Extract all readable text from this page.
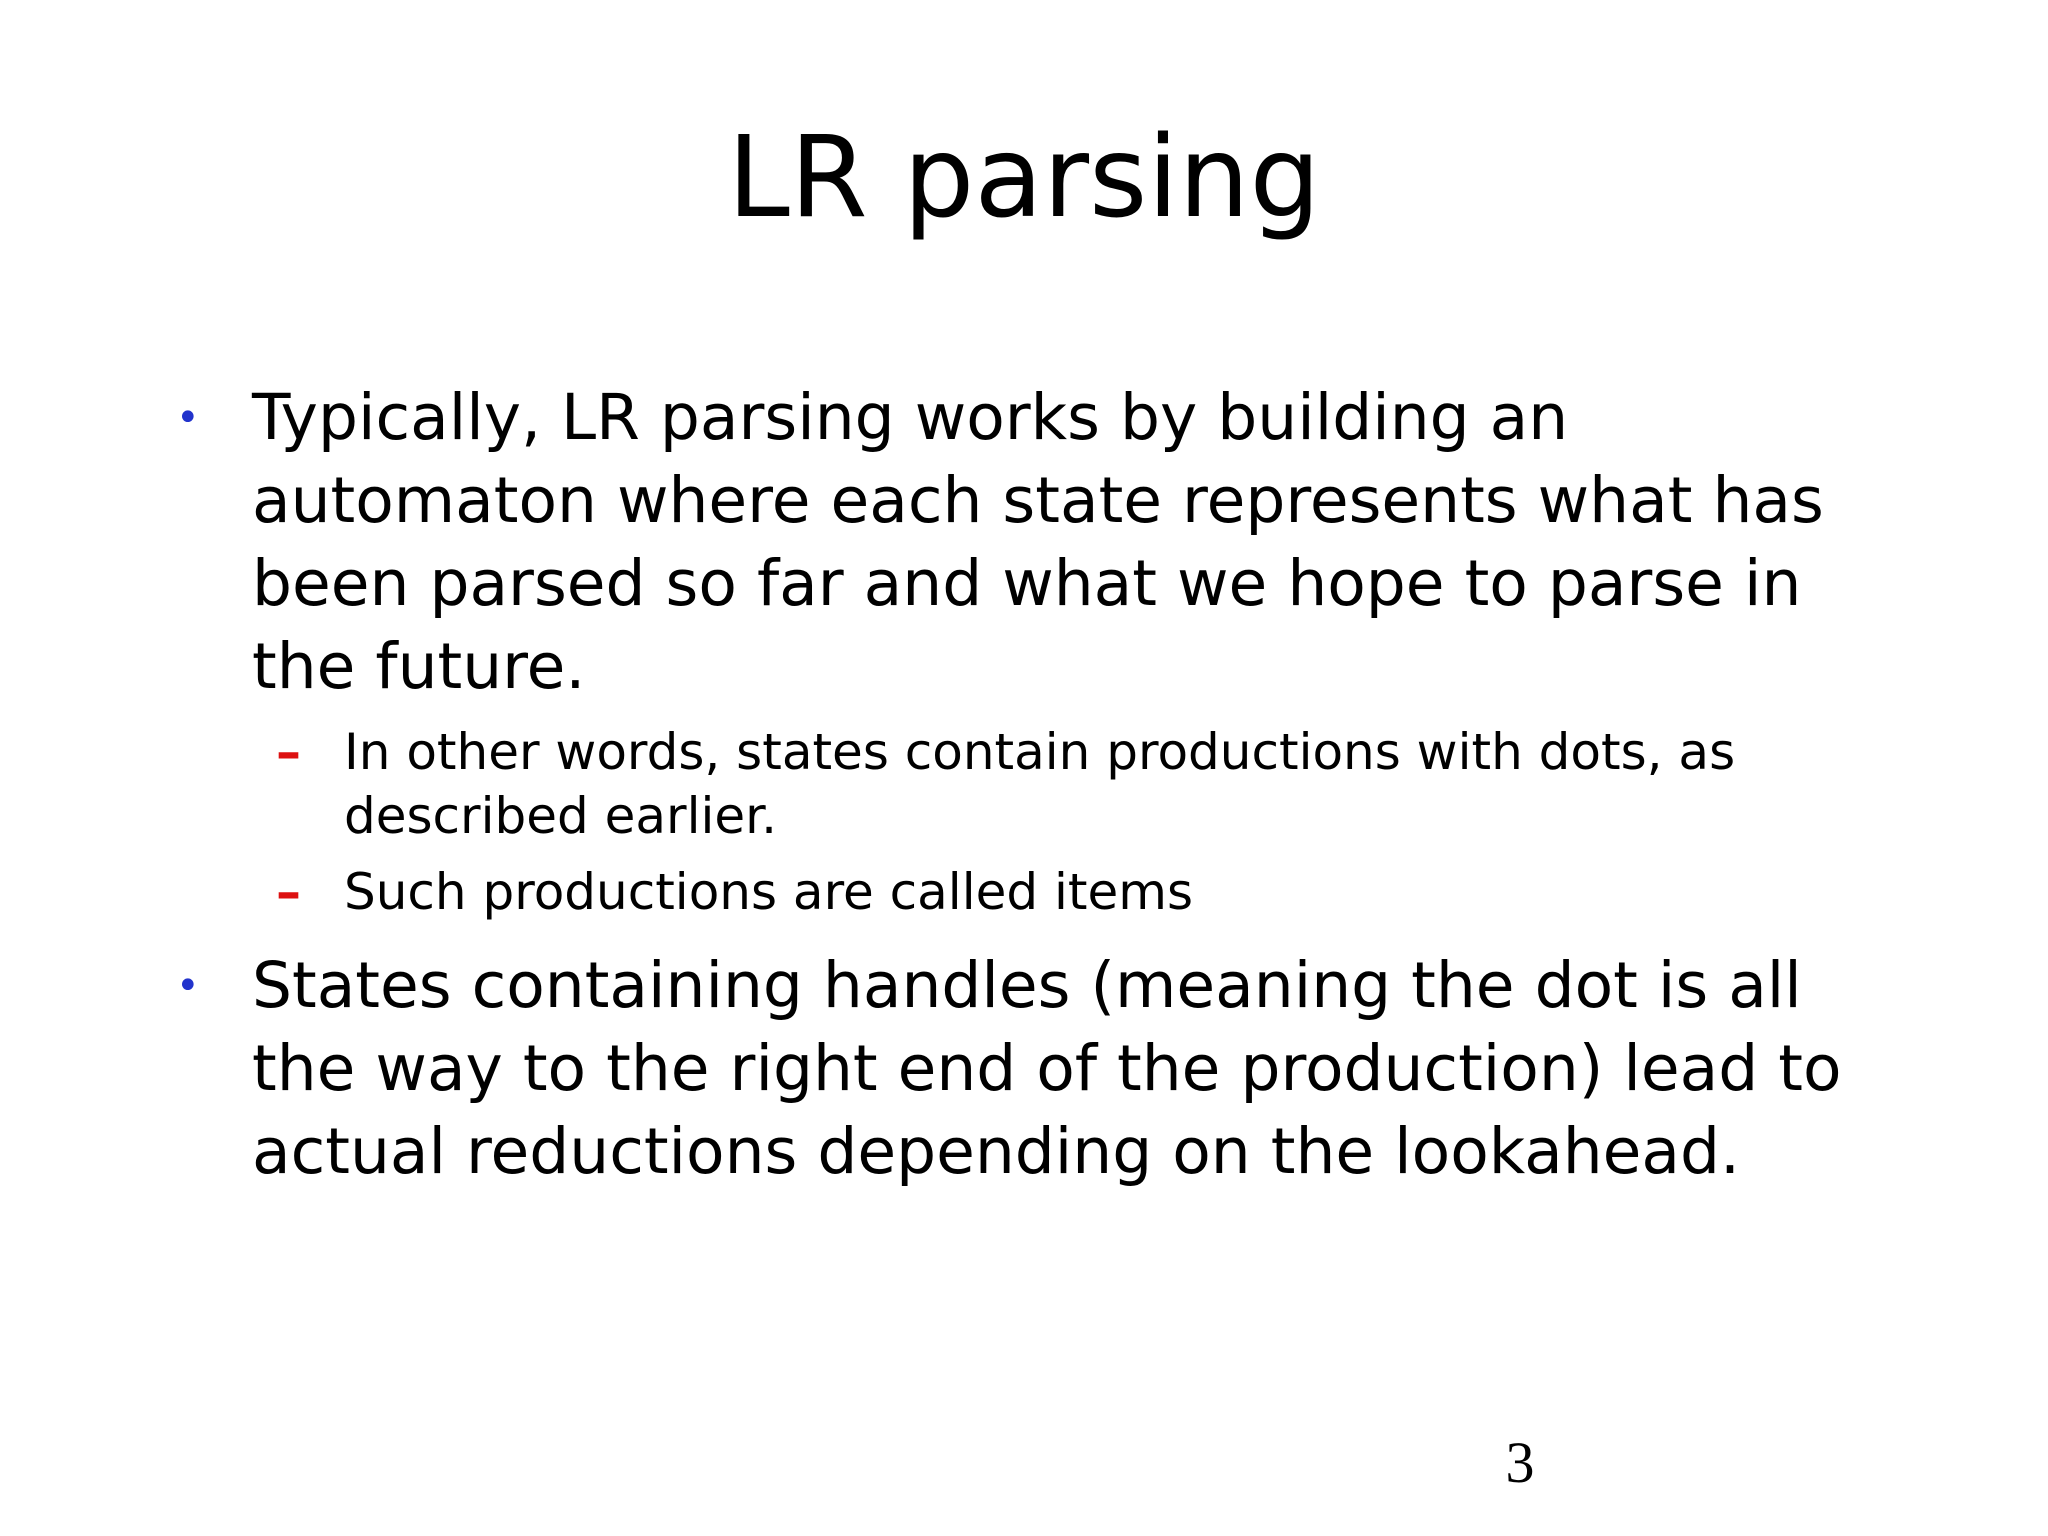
LR parsing
• Typically, LR parsing works by building an automaton where each state represents what has been parsed so far and what we hope to parse in the future.

– In other words, states contain productions with dots, as described earlier.

– Such productions are called items

• States containing handles (meaning the dot is all the way to the right end of the production) lead to actual reductions depending on the lookahead.

3
